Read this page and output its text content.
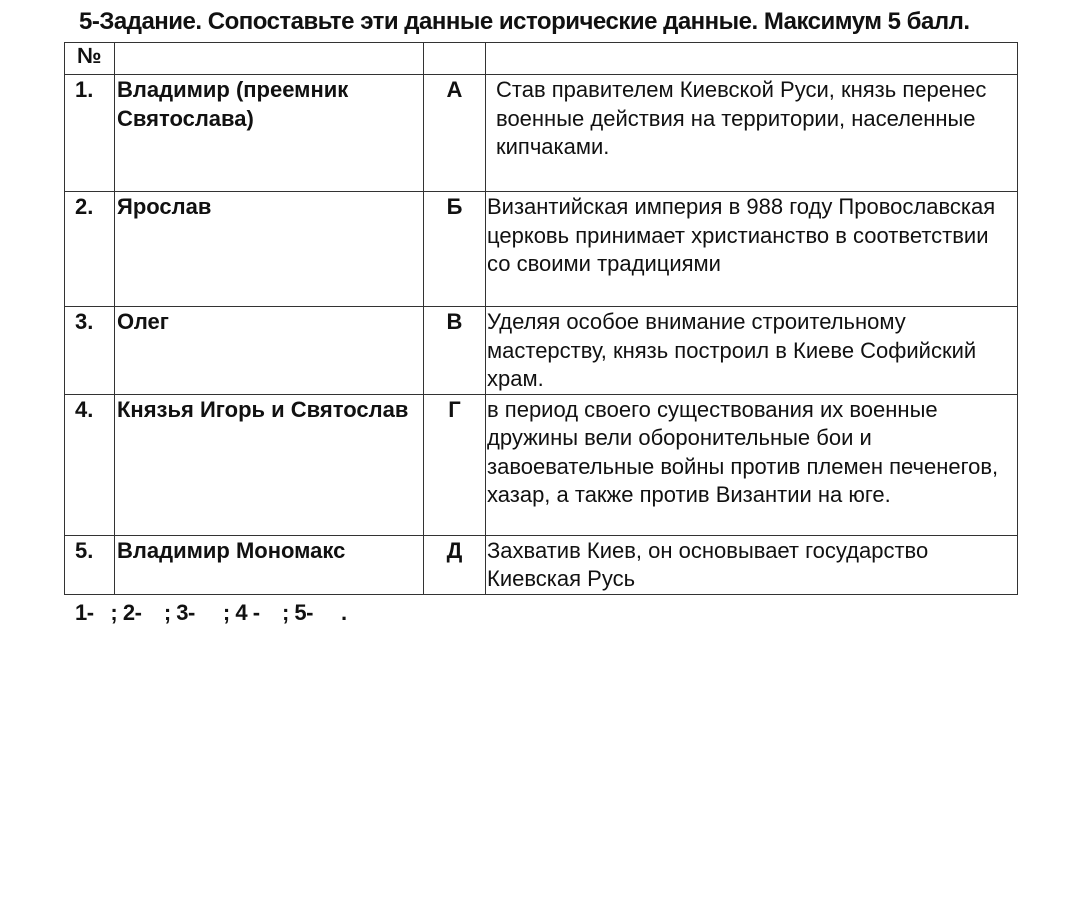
5-Задание. Сопоставьте эти данные исторические данные. Максимум 5 балл.
№			

1.	Владимир (преемник Святослава)	А	Став правителем Киевской Руси, князь перенес военные действия на территории, населенные кипчаками.

2.	Ярослав	Б	Византийская империя в 988 году Провославская церковь принимает христианство в соответствии со своими традициями

3.	Олег	В	Уделяя особое внимание строительному мастерству, князь построил в Киеве Софийский храм.

4.	Князья Игорь и Святослав	Г	в период своего существования их военные дружины вели оборонительные бои и завоевательные войны против племен печенегов, хазар, а также против Византии на юге.

5.	Владимир Мономакс	Д	Захватив Киев, он основывает государство Киевская Русь
1-   ; 2-    ; 3-     ; 4 -    ; 5-     .
